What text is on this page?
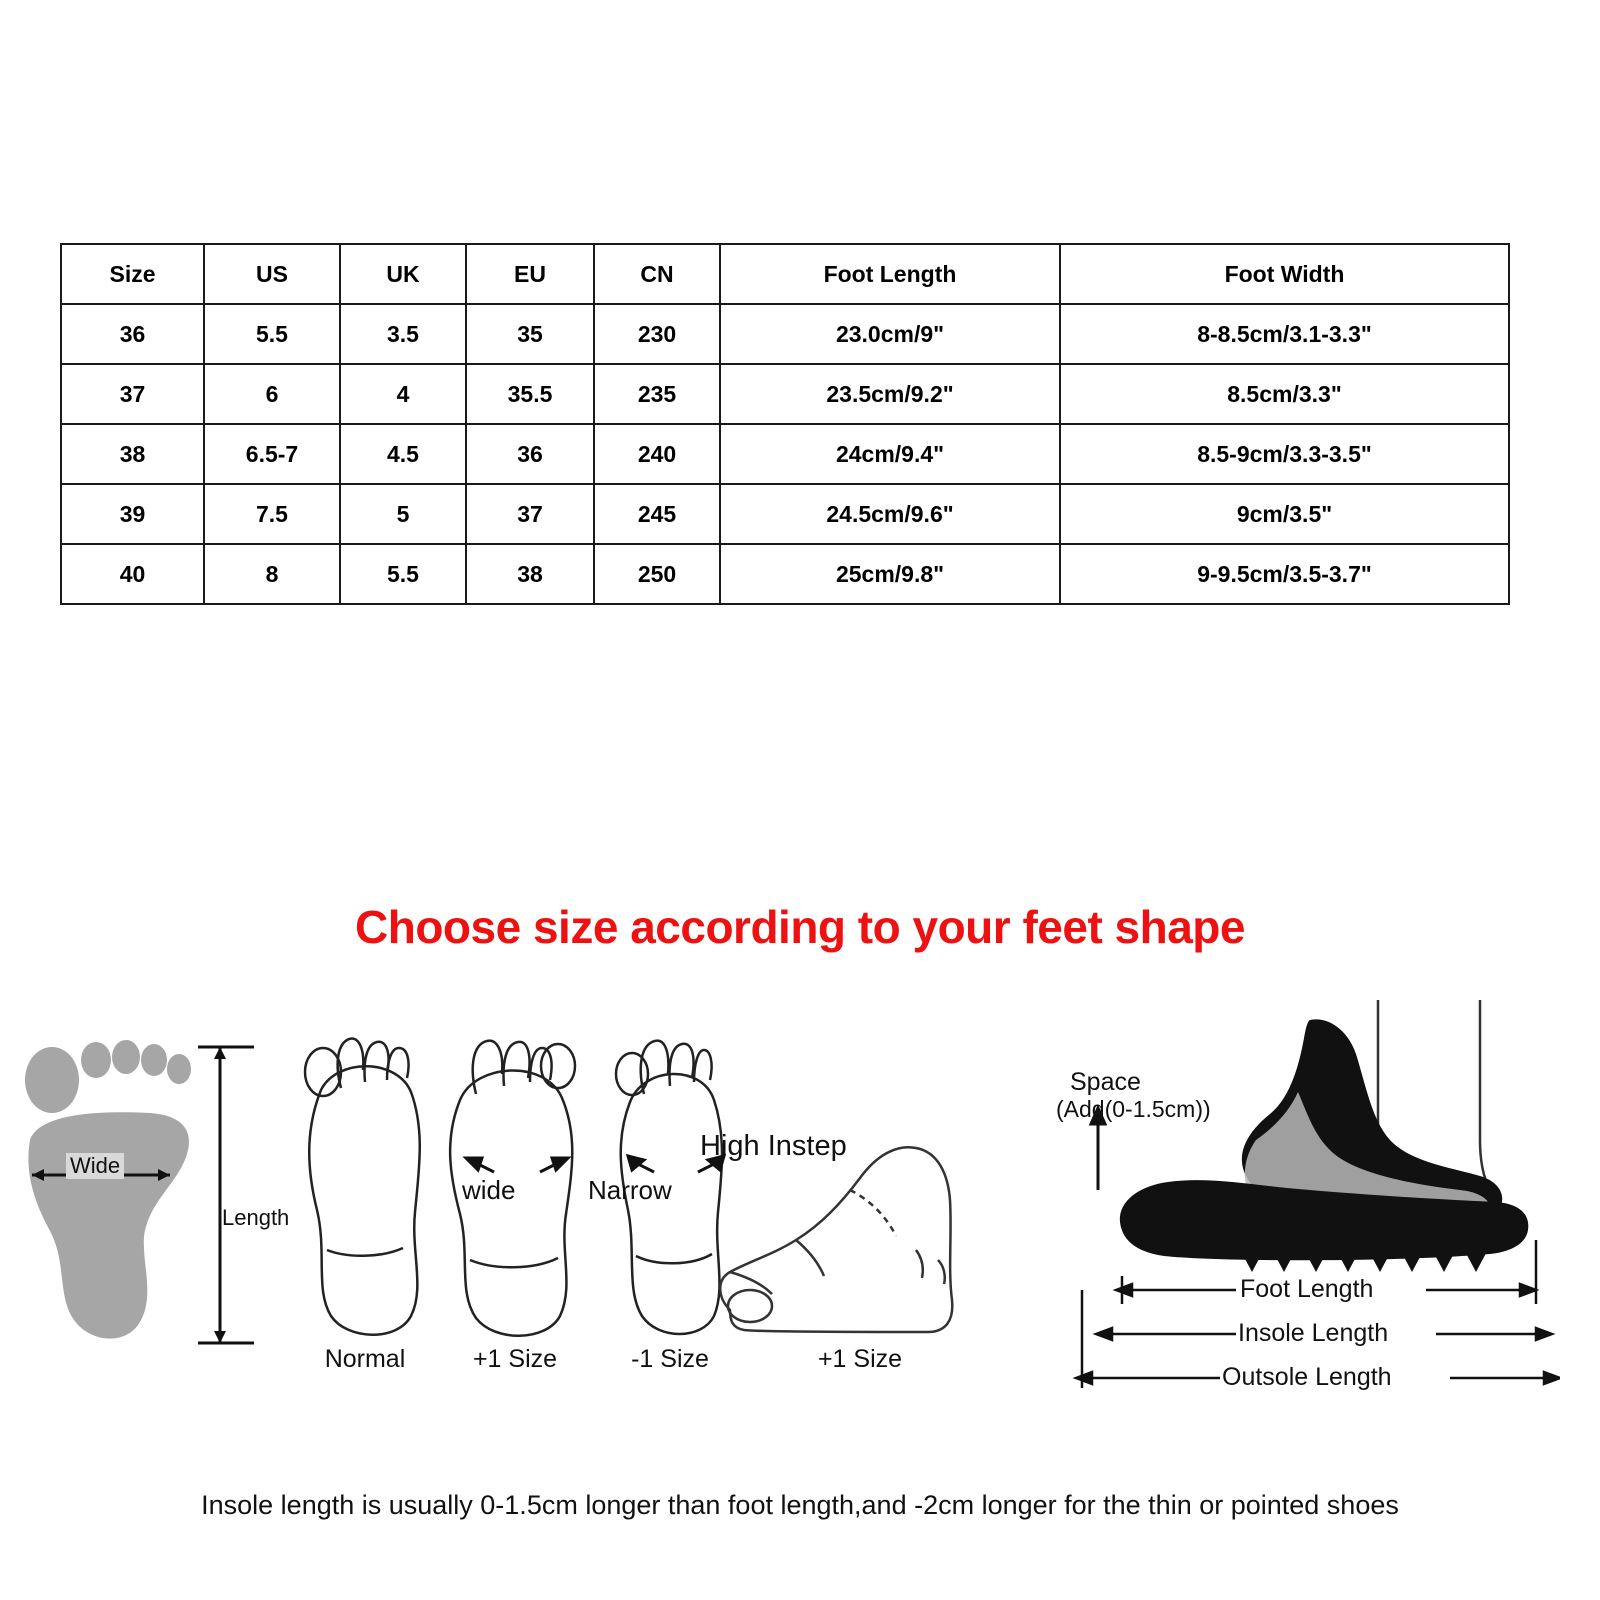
Size	US	UK	EU	CN	Foot Length	Foot Width
36	5.5	3.5	35	230	23.0cm/9"	8-8.5cm/3.1-3.3"
37	6	4	35.5	235	23.5cm/9.2"	8.5cm/3.3"
38	6.5-7	4.5	36	240	24cm/9.4"	8.5-9cm/3.3-3.5"
39	7.5	5	37	245	24.5cm/9.6"	9cm/3.5"
40	8	5.5	38	250	25cm/9.8"	9-9.5cm/3.5-3.7"
Choose size according to your feet shape
Wide
Length
Normal
wide
+1 Size
Narrow
-1 Size
High Instep
+1 Size
Space
(Add(0-1.5cm))
Foot Length
Insole Length
Outsole Length
Insole length is usually 0-1.5cm longer than foot length,and -2cm longer for the thin or pointed shoes
